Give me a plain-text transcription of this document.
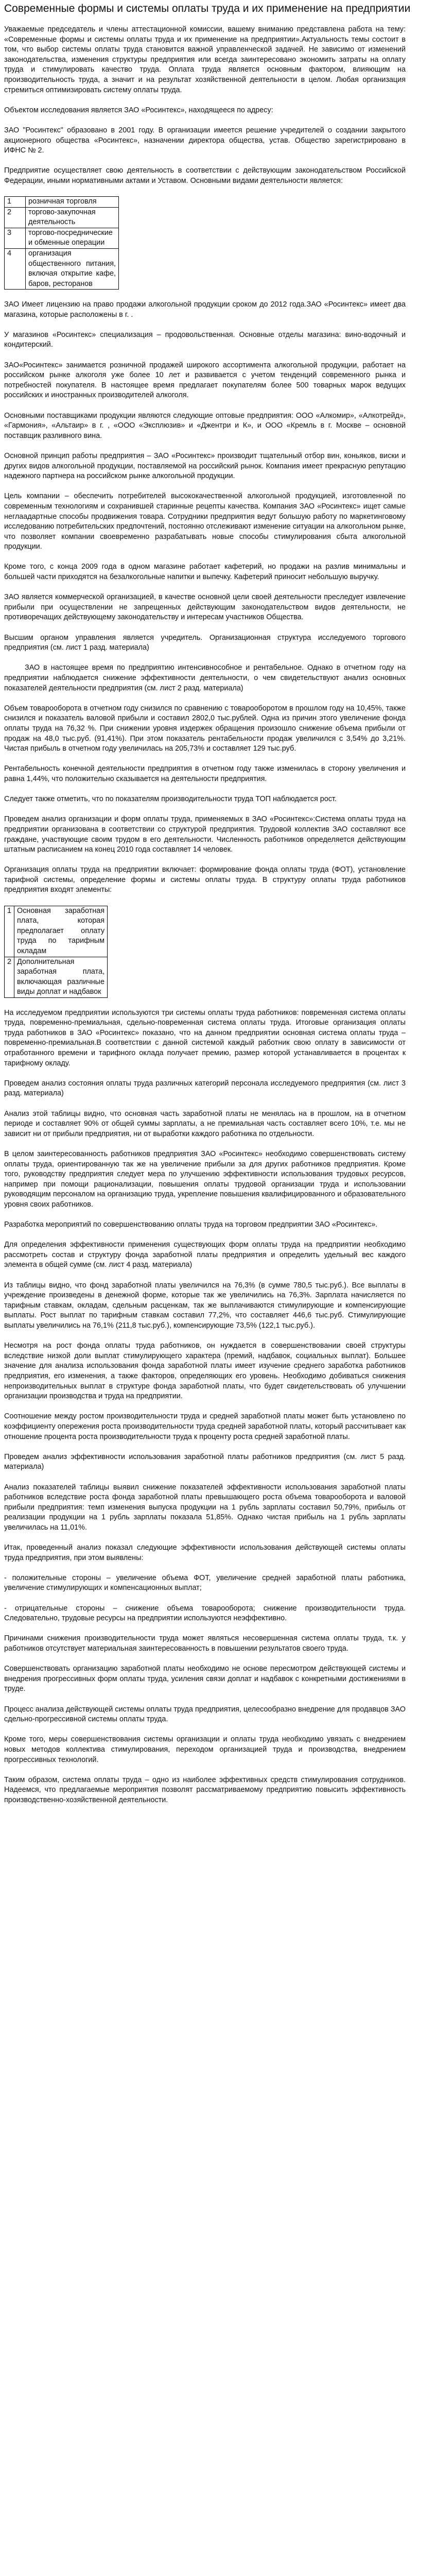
Современные формы и системы оплаты труда и их применение на предприятии

Уважаемые председатель и члены аттестационной комиссии, вашему вниманию представлена работа на тему: «Современные формы и системы оплаты труда и их применение на предприятии».Актуальность темы состоит в том, что выбор системы оплаты труда становится важной управленческой задачей. Не зависимо от изменений законодательства, изменения структуры предприятия или всегда заинтересовано экономить затраты на оплату труда и стимулировать качество труда. Оплата труда является основным фактором, влияющим на производительность труда, а значит и на результат хозяйственной деятельности в целом. Любая организация стремиться оптимизировать систему оплаты труда.

Объектом исследования является ЗАО «Росинтекс», находящееся по адресу:

ЗАО "Росинтекс" образовано в 2001 году. В организации имеется решение учредителей о создании закрытого акционерного общества «Росинтекс», назначении директора общества, устав. Общество зарегистрировано в ИФНС № 2.

Предприятие осуществляет свою деятельность в соответствии с действующим законодательством Российской Федерации, иными нормативными актами и Уставом. Основными видами деятельности является:

1	розничная торговля
2	торгово-закупочная деятельность
3	торгово-посреднические и обменные операции
4	организация общественного питания, включая открытие кафе, баров, ресторанов

ЗАО Имеет лицензию на право продажи алкогольной продукции сроком до 2012 года.ЗАО «Росинтекс» имеет два магазина, которые расположены в г. .

У магазинов «Росинтекс» специализация – продовольственная. Основные отделы магазина: вино-водочный и кондитерский.

ЗАО«Росинтекс» занимается розничной продажей широкого ассортимента алкогольной продукции, работает на российском рынке алкоголя уже более 10 лет и развивается с учетом тенденций современного рынка и потребностей покупателя. В настоящее время предлагает покупателям более 500 товарных марок ведущих российских и иностранных производителей алкоголя.

Основными поставщиками продукции являются следующие оптовые предприятия: ООО «Алкомир», «Алкотрейд», «Гармония», «Альтаир» в г. , «ООО «Эксплюзив» и «Джентри и К», и ООО «Кремль в г. Москве – основной поставщик разливного вина.

Основной принцип работы предприятия – ЗАО «Росинтекс» производит тщательный отбор вин, коньяков, виски и других видов алкогольной продукции, поставляемой на российский рынок. Компания имеет прекрасную репутацию надежного партнера на российском рынке алкогольной продукции.

Цель компании – обеспечить потребителей высококачественной алкогольной продукцией, изготовленной по современным технологиям и сохранившей старинные рецепты качества. Компания ЗАО «Росинтекс» ищет самые неглаадартные способы продвижения товара. Сотрудники предприятия ведут большую работу по маркетинговому исследованию потребительских предпочтений, постоянно отслеживают изменение ситуации на алкогольном рынке, что позволяет компании своевременно разрабатывать новые способы стимулирования сбыта алкогольной продукции.

Кроме того, с конца 2009 года в одном магазине работает кафетерий, но продажи на разлив минимальны и большей части приходятся на безалкогольные напитки и выпечку. Кафетерий приносит небольшую выручку.

ЗАО является коммерческой организацией, в качестве основной цели своей деятельности преследует извлечение прибыли при осуществлении не запрещенных действующим законодательством видов деятельности, не противоречащих действующему законодательству и интересам участников Общества.

Высшим органом управления является учредитель. Организационная структура исследуемого торгового предприятия (см. лист 1 разд. материала)

ЗАО в настоящее время по предприятию интенсивнособное и рентабельное. Однако в отчетном году на предприятии наблюдается снижение эффективности деятельности, о чем свидетельствуют анализ основных показателей деятельности предприятия (см. лист 2 разд. материала)

Объем товарооборота в отчетном году снизился по сравнению с товарооборотом в прошлом году на 10,45%, также снизился и показатель валовой прибыли и составил 2802,0 тыс.рублей. Одна из причин этого увеличение фонда оплаты труда на 76,32 %. При снижении уровня издержек обращения произошло снижение объема прибыли от продаж на 48,0 тыс.руб. (91,41%). При этом показатель рентабельности продаж увеличился с 3,54% до 3,21%. Чистая прибыль в отчетном году увеличилась на 205,73% и составляет 129 тыс.руб.

Рентабельность конечной деятельности предприятия в отчетном году также изменилась в сторону увеличения и равна 1,44%, что положительно сказывается на деятельности предприятия.

Следует также отметить, что по показателям производительности труда ТОП наблюдается рост.

Проведем анализ организации и форм оплаты труда, применяемых в ЗАО «Росинтекс»:Система оплаты труда на предприятии организована в соответствии со структурой предприятия. Трудовой коллектив ЗАО составляют все граждане, участвующие своим трудом в его деятельности. Численность работников определяется действующим штатным расписанием на конец 2010 года составляет 14 человек.

Организация оплаты труда на предприятии включает: формирование фонда оплаты труда (ФОТ), установление тарифной системы, определение формы и системы оплаты труда. В структуру оплаты труда работников предприятия входят элементы:

1	Основная заработная плата, которая предполагает оплату труда по тарифным окладам
2	Дополнительная заработная плата, включающая различные виды доплат и надбавок

На исследуемом предприятии используются три системы оплаты труда работников: повременная система оплаты труда, повременно-премиальная, сдельно-повременная система оплаты труда. Итоговые организация оплаты труда работников в ЗАО «Росинтекс» показано, что на данном предприятии основная система оплаты труда – повременно-премиальная.В соответствии с данной системой каждый работник свою оплату в зависимости от отработанного времени и тарифного оклада получает премию, размер которой устанавливается в процентах к тарифному окладу.

Проведем анализ состояния оплаты труда различных категорий персонала исследуемого предприятия (см. лист 3 разд. материала)

Анализ этой таблицы видно, что основная часть заработной платы не менялась на в прошлом, на в отчетном периоде и составляет 90% от общей суммы зарплаты, а не премиальная часть составляет всего 10%, т.е. мы не зависит ни от прибыли предприятия, ни от выработки каждого работника по отдельности.

В целом заинтересованность работников предприятия ЗАО «Росинтекс» необходимо совершенствовать систему оплаты труда, ориентированную так же на увеличение прибыли за для других работников предприятия. Кроме того, руководству предприятия следует мера по улучшению эффективности использования трудовых ресурсов, например при помощи рационализации, повышения оплаты трудовой организации труда и использовании руководящим персоналом на организацию труда, укрепление повышения квалифицированного и образовательного уровня своих работников.

Разработка мероприятий по совершенствованию оплаты труда на торговом предприятии ЗАО «Росинтекс».

Для определения эффективности применения существующих форм оплаты труда на предприятии необходимо рассмотреть состав и структуру фонда заработной платы предприятия и определить удельный вес каждого элемента в общей сумме (см. лист 4 разд. материала)

Из таблицы видно, что фонд заработной платы увеличился на 76,3% (в сумме 780,5 тыс.руб.). Все выплаты в учреждение произведены в денежной форме, которые так же увеличились на 76,3%. Зарплата начисляется по тарифным ставкам, окладам, сдельным расценкам, так же выплачиваются стимулирующие и компенсирующие выплаты. Рост выплат по тарифным ставкам составил 77,2%, что составляет 446,6 тыс.руб. Стимулирующие выплаты увеличились на 76,1% (211,8 тыс.руб.), компенсирующие 73,5% (122,1 тыс.руб.).

Несмотря на рост фонда оплаты труда работников, он нуждается в совершенствовании своей структуры вследствие низкой доли выплат стимулирующего характера (премий, надбавок, социальных выплат). Большее значение для анализа использования фонда заработной платы имеет изучение среднего заработка работников предприятия, его изменения, а также факторов, определяющих его уровень. Необходимо добиваться снижения непроизводительных выплат в структуре фонда заработной платы, что будет свидетельствовать об улучшении организации производства и труда на предприятии.

Соотношение между ростом производительности труда и средней заработной платы может быть установлено по коэффициенту опережения роста производительности труда средней заработной платы, который рассчитывает как отношение процента роста производительности труда к проценту роста средней заработной платы.

Проведем анализ эффективности использования заработной платы работников предприятия (см. лист 5 разд. материала)

Анализ показателей таблицы выявил снижение показателей эффективности использования заработной платы работников вследствие роста фонда заработной платы превышающего роста объема товарооборота и валовой прибыли предприятия: темп изменения выпуска продукции на 1 рубль зарплаты составил 50,79%, прибыль от реализации продукции на 1 рубль зарплаты показала 51,85%. Однако чистая прибыль на 1 рубль зарплаты увеличилась на 11,01%.

Итак, проведенный анализ показал следующие эффективности использования действующей системы оплаты труда предприятия, при этом выявлены:

- положительные стороны – увеличение объема ФОТ, увеличение средней заработной платы работника, увеличение стимулирующих и компенсационных выплат;

- отрицательные стороны – снижение объема товарооборота; снижение производительности труда. Следовательно, трудовые ресурсы на предприятии используются неэффективно.

Причинами снижения производительности труда может являться несовершенная система оплаты труда, т.к. у работников отсутствует материальная заинтересованность в повышении результатов своего труда.

Совершенствовать организацию заработной платы необходимо не основе пересмотром действующей системы и внедрения прогрессивных форм оплаты труда, усиления связи доплат и надбавок с конкретными достижениями в труде.

Процесс анализа действующей системы оплаты труда предприятия, целесообразно внедрение для продавцов ЗАО сдельно-прогрессивной системы оплаты труда.

Кроме того, меры совершенствования системы организации и оплаты труда необходимо увязать с внедрением новых методов коллектива стимулирования, переходом организацией труда и производства, внедрением прогрессивных технологий.

Таким образом, система оплаты труда – одно из наиболее эффективных средств стимулирования сотрудников. Надеемся, что предлагаемые мероприятия позволят рассматриваемому предприятию повысить эффективность производственно-хозяйственной деятельности.
